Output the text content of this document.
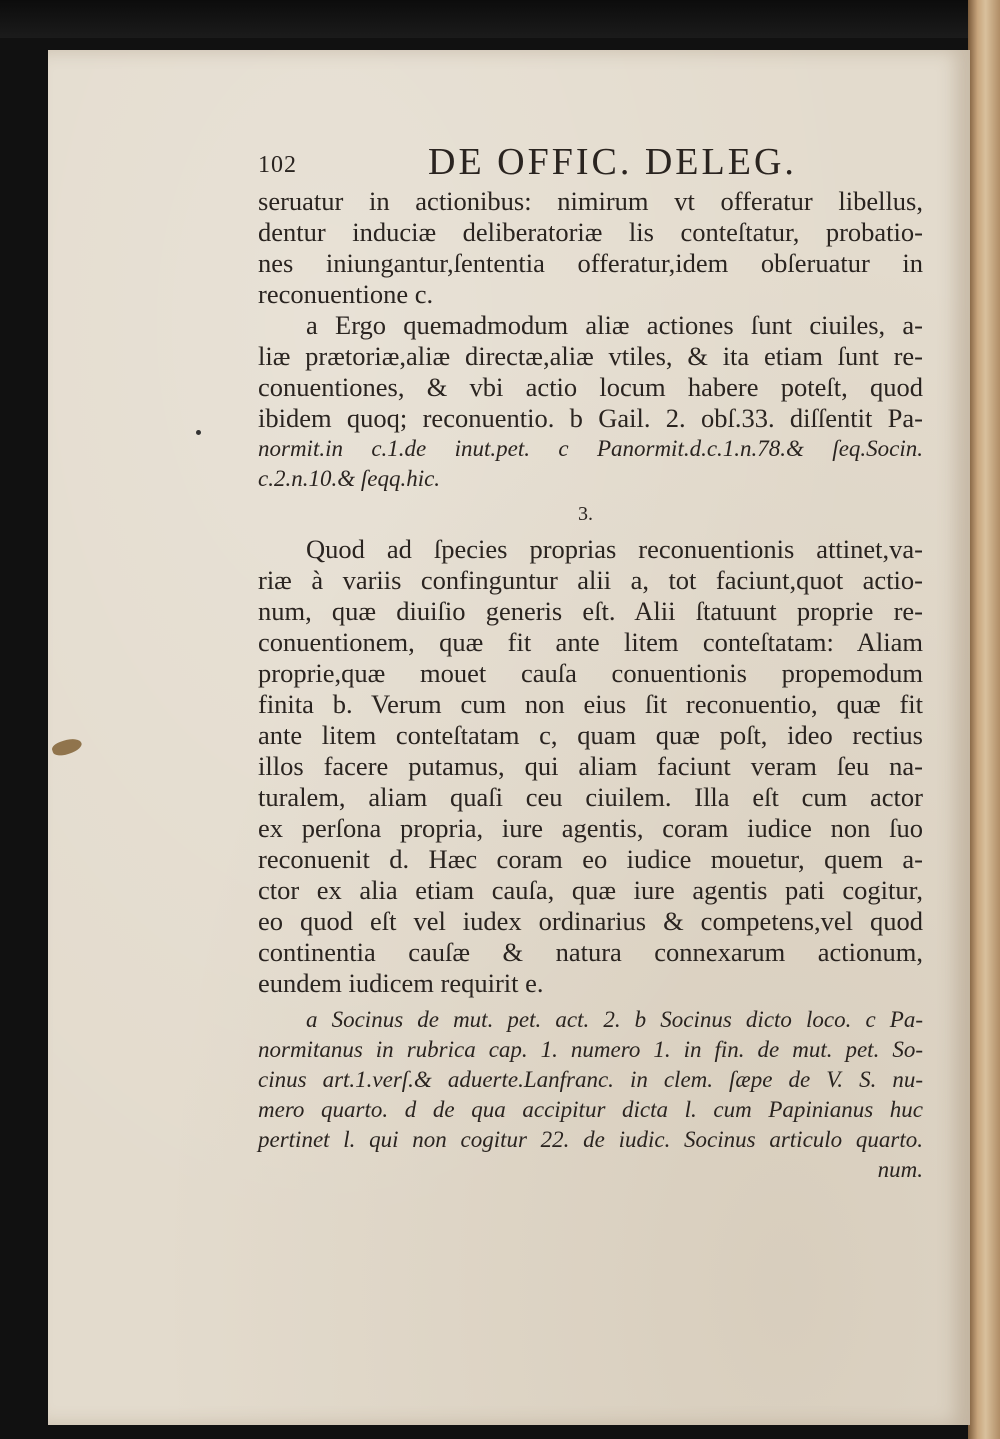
102	DE OFFIC. DELEG.
seruatur in actionibus: nimirum vt offeratur libellus,
dentur induciæ deliberatoriæ lis conteſtatur, probatio-
nes iniungantur,ſententia offeratur,idem obſeruatur in
reconuentione c.
a Ergo quemadmodum aliæ actiones ſunt ciuiles, a-
liæ prætoriæ,aliæ directæ,aliæ vtiles, & ita etiam ſunt re-
conuentiones, & vbi actio locum habere poteſt, quod
ibidem quoq; reconuentio. b Gail. 2. obſ.33. diſſentit Pa-
normit.in c.1.de inut.pet. c Panormit.d.c.1.n.78.& ſeq.Socin.
c.2.n.10.& ſeqq.hic.
3.
Quod ad ſpecies proprias reconuentionis attinet,va-
riæ à variis confinguntur alii a, tot faciunt,quot actio-
num, quæ diuiſio generis eſt. Alii ſtatuunt proprie re-
conuentionem, quæ fit ante litem conteſtatam: Aliam
proprie,quæ mouet cauſa conuentionis propemodum
finita b. Verum cum non eius ſit reconuentio, quæ fit
ante litem conteſtatam c, quam quæ poſt, ideo rectius
illos facere putamus, qui aliam faciunt veram ſeu na-
turalem, aliam quaſi ceu ciuilem. Illa eſt cum actor
ex perſona propria, iure agentis, coram iudice non ſuo
reconuenit d. Hæc coram eo iudice mouetur, quem a-
ctor ex alia etiam cauſa, quæ iure agentis pati cogitur,
eo quod eſt vel iudex ordinarius & competens,vel quod
continentia cauſæ & natura connexarum actionum,
eundem iudicem requirit e.
a Socinus de mut. pet. act. 2. b Socinus dicto loco. c Pa-
normitanus in rubrica cap. 1. numero 1. in fin. de mut. pet. So-
cinus art.1.verſ.& aduerte.Lanfranc. in clem. ſæpe de V. S. nu-
mero quarto. d de qua accipitur dicta l. cum Papinianus huc
pertinet l. qui non cogitur 22. de iudic. Socinus articulo quarto.
num.
